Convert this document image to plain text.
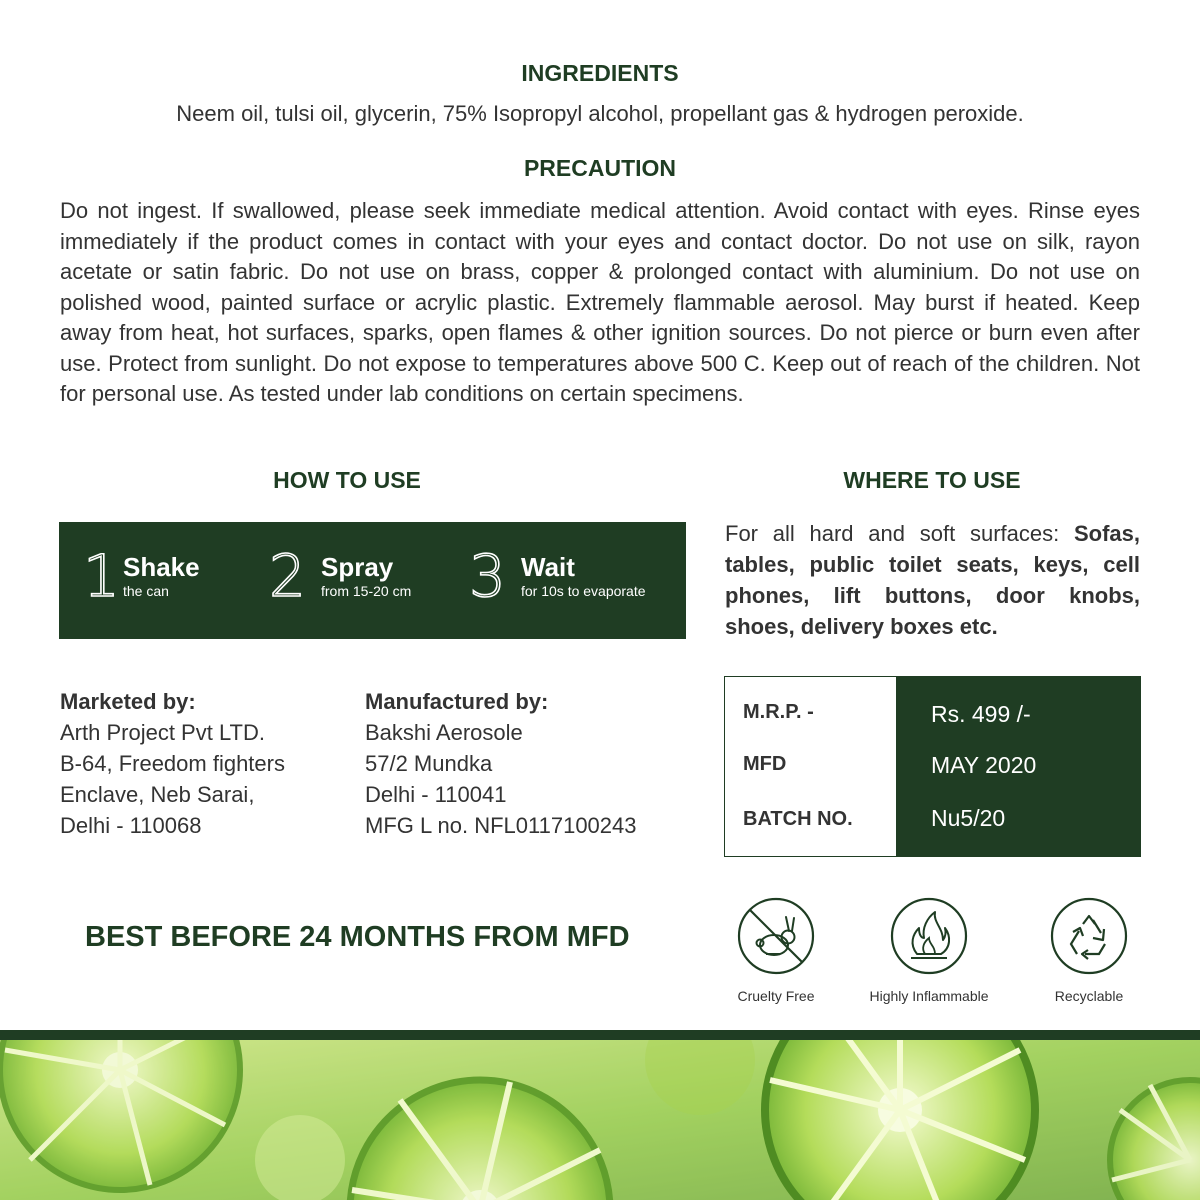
INGREDIENTS
Neem oil, tulsi oil, glycerin, 75% Isopropyl alcohol, propellant gas & hydrogen peroxide.
PRECAUTION
Do not ingest. If swallowed, please seek immediate medical attention. Avoid contact with eyes. Rinse eyes immediately if the product comes in contact with your eyes and contact doctor. Do not use on silk, rayon acetate or satin fabric. Do not use on brass, copper & prolonged contact with aluminium. Do not use on polished wood, painted surface or acrylic plastic. Extremely flammable aerosol. May burst if heated. Keep away from heat, hot surfaces, sparks, open flames & other ignition sources. Do not pierce or burn even after use. Protect from sunlight. Do not expose to temperatures above 500 C. Keep out of reach of the children. Not for personal use. As tested under lab conditions on certain specimens.
HOW TO USE	WHERE TO USE
1 Shake
the can 2 Spray
from 15-20 cm 3 Wait
for 10s to evaporate
For all hard and soft surfaces: Sofas, tables, public toilet seats, keys, cell phones, lift buttons, door knobs, shoes, delivery boxes etc.
Marketed by:
Arth Project Pvt LTD.
B-64, Freedom fighters
Enclave, Neb Sarai,
Delhi - 110068
Manufactured by:
Bakshi Aerosole
57/2 Mundka
Delhi - 110041
MFG L no. NFL0117100243
M.R.P. -	Rs. 499 /-
MFD	MAY 2020
BATCH NO.	Nu5/20
BEST BEFORE 24 MONTHS FROM MFD
Cruelty Free	Highly Inflammable	Recyclable
